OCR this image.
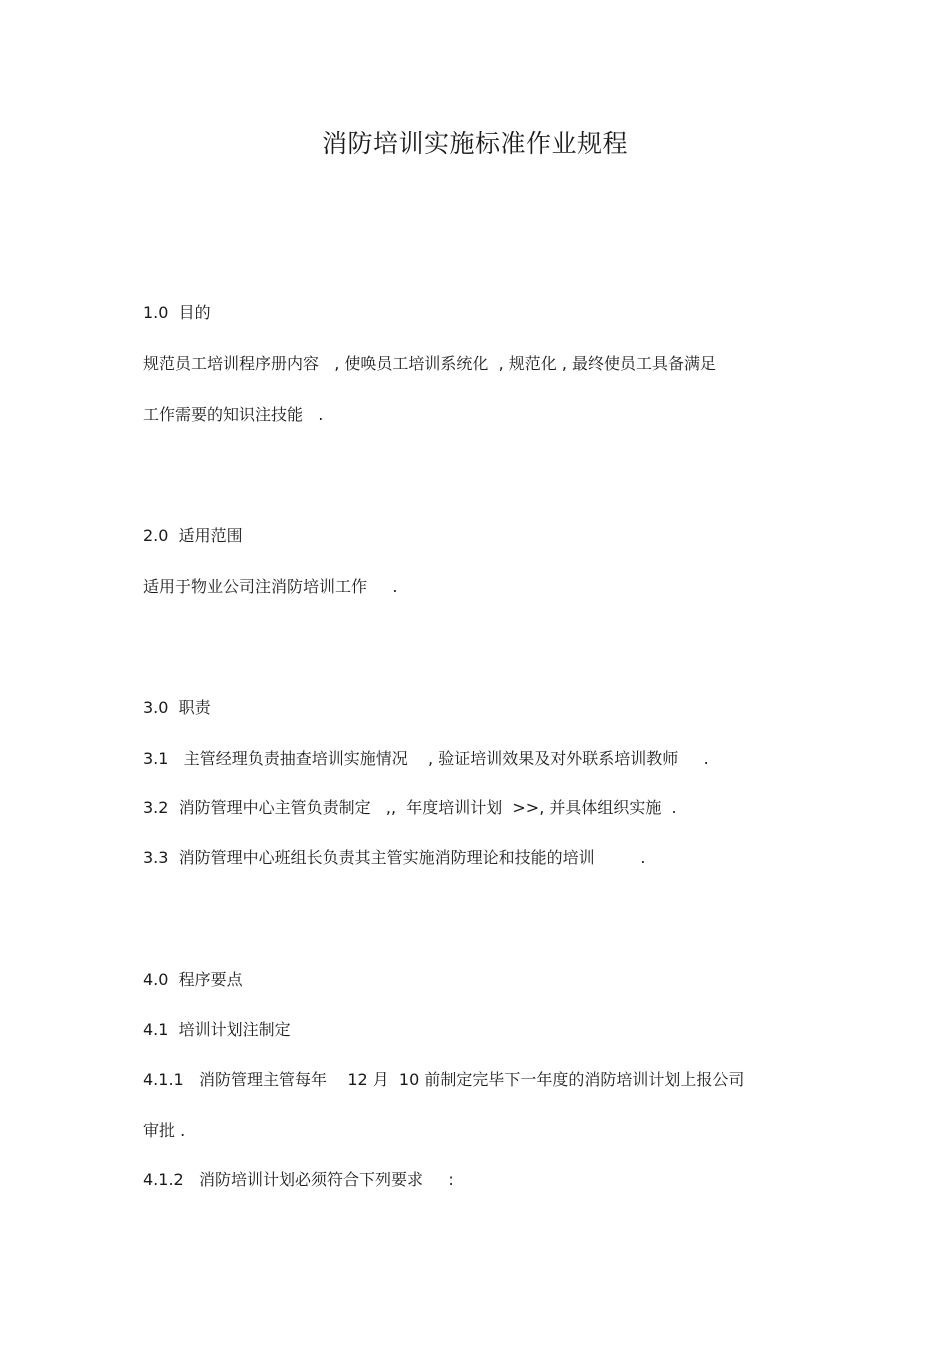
消防培训实施标准作业规程
1.0  目的
规范员工培训程序册内容   , 使唤员工培训系统化  , 规范化 , 最终使员工具备满足
工作需要的知识注技能   .
2.0  适用范围
适用于物业公司注消防培训工作     .
3.0  职责
3.1   主管经理负责抽查培训实施情况    , 验证培训效果及对外联系培训教师     .
3.2  消防管理中心主管负责制定   ,,  年度培训计划  >>, 并具体组织实施  .
3.3  消防管理中心班组长负责其主管实施消防理论和技能的培训         .
4.0  程序要点
4.1  培训计划注制定
4.1.1   消防管理主管每年    12 月  10 前制定完毕下一年度的消防培训计划上报公司
审批 .
4.1.2   消防培训计划必须符合下列要求     :
